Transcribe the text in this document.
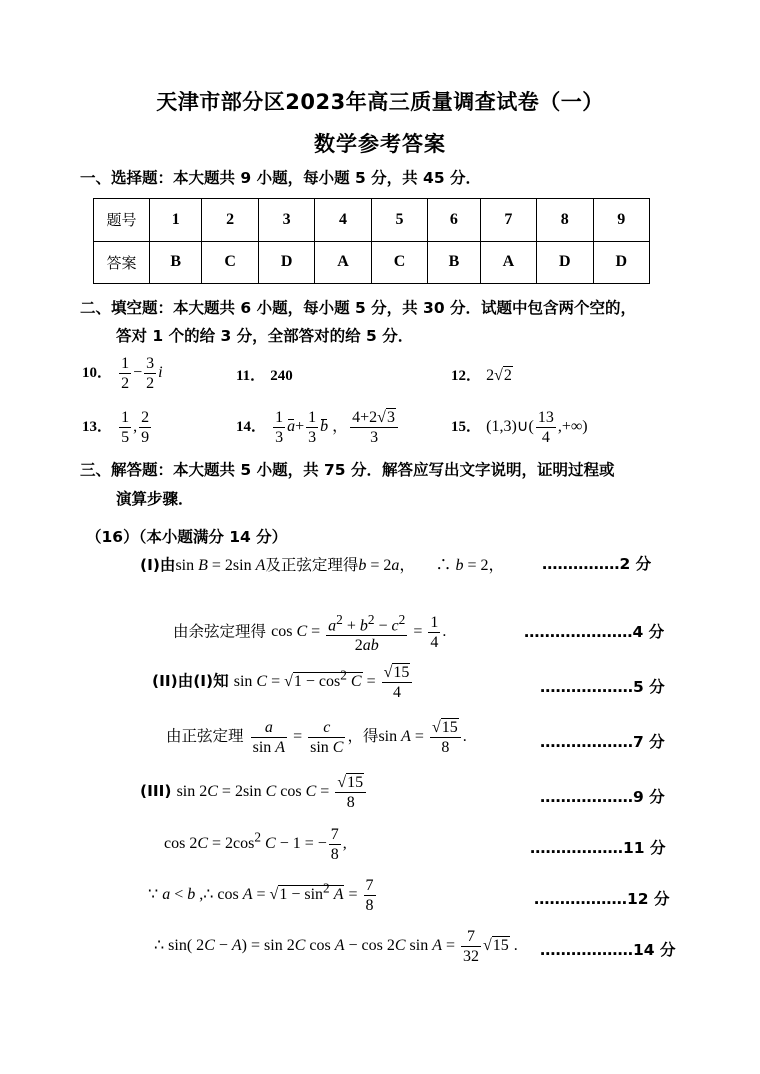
天津市部分区2023年高三质量调查试卷（一）
数学参考答案
一、选择题：本大题共 9 小题，每小题 5 分，共 45 分．
题号	1	2	3	4	5	6	7	8	9
答案	B	C	D	A	C	B	A	D	D
二、填空题：本大题共 6 小题，每小题 5 分，共 30 分．试题中包含两个空的，
答对 1 个的给 3 分，全部答对的给 5 分．
10． $\frac{1}{2} - \frac{3}{2}$ i	11． 240	12． 2√2
13． $\frac{1}{5}$ , $\frac{2}{9}$	14． $\frac{1}{3} a+ \frac{1}{3}$ b ， $\frac{4+2√3}{3}$	15． (1,3)∪( $\frac{13}{4}$ ,+∞)
三、解答题：本大题共 5 小题，共 75 分．解答应写出文字说明，证明过程或
演算步骤．
（16）（本小题满分 14 分）
(I)由sin B = 2sin A及正弦定理得b = 2a，     ∴ b = 2， ……………2 分
由余弦定理得 $\cos C = \frac{a^2 + b^2 - c^2}{2ab} = \frac{1}{4}$ .	…………………4 分
(II)由(I)知 $\sin C = √1 - \cos^2 C = \frac{√15}{4}$	………………5 分
由正弦定理 $\frac{a}{\text{sin A}} = \frac{c}{\text{sin C}}$ ，得$\sin A = \frac{√15}{8}$ .	………………7 分
(III) sin 2C = 2sin C $\cos C = \frac{√15}{8}$	………………9 分
$\cos 2C = 2\cos^2$ C − 1 = − $\frac{7}{8}$ ,	………………11 分
∵ a < b ,∴ $\cos A = √1 - \sin^2 A = \frac{7}{8}$	………………12 分
∴ sin( 2C − A) = sin 2C cos A − cos 2C $\sin A = \frac{7}{32} √15$ . ………………14 分
